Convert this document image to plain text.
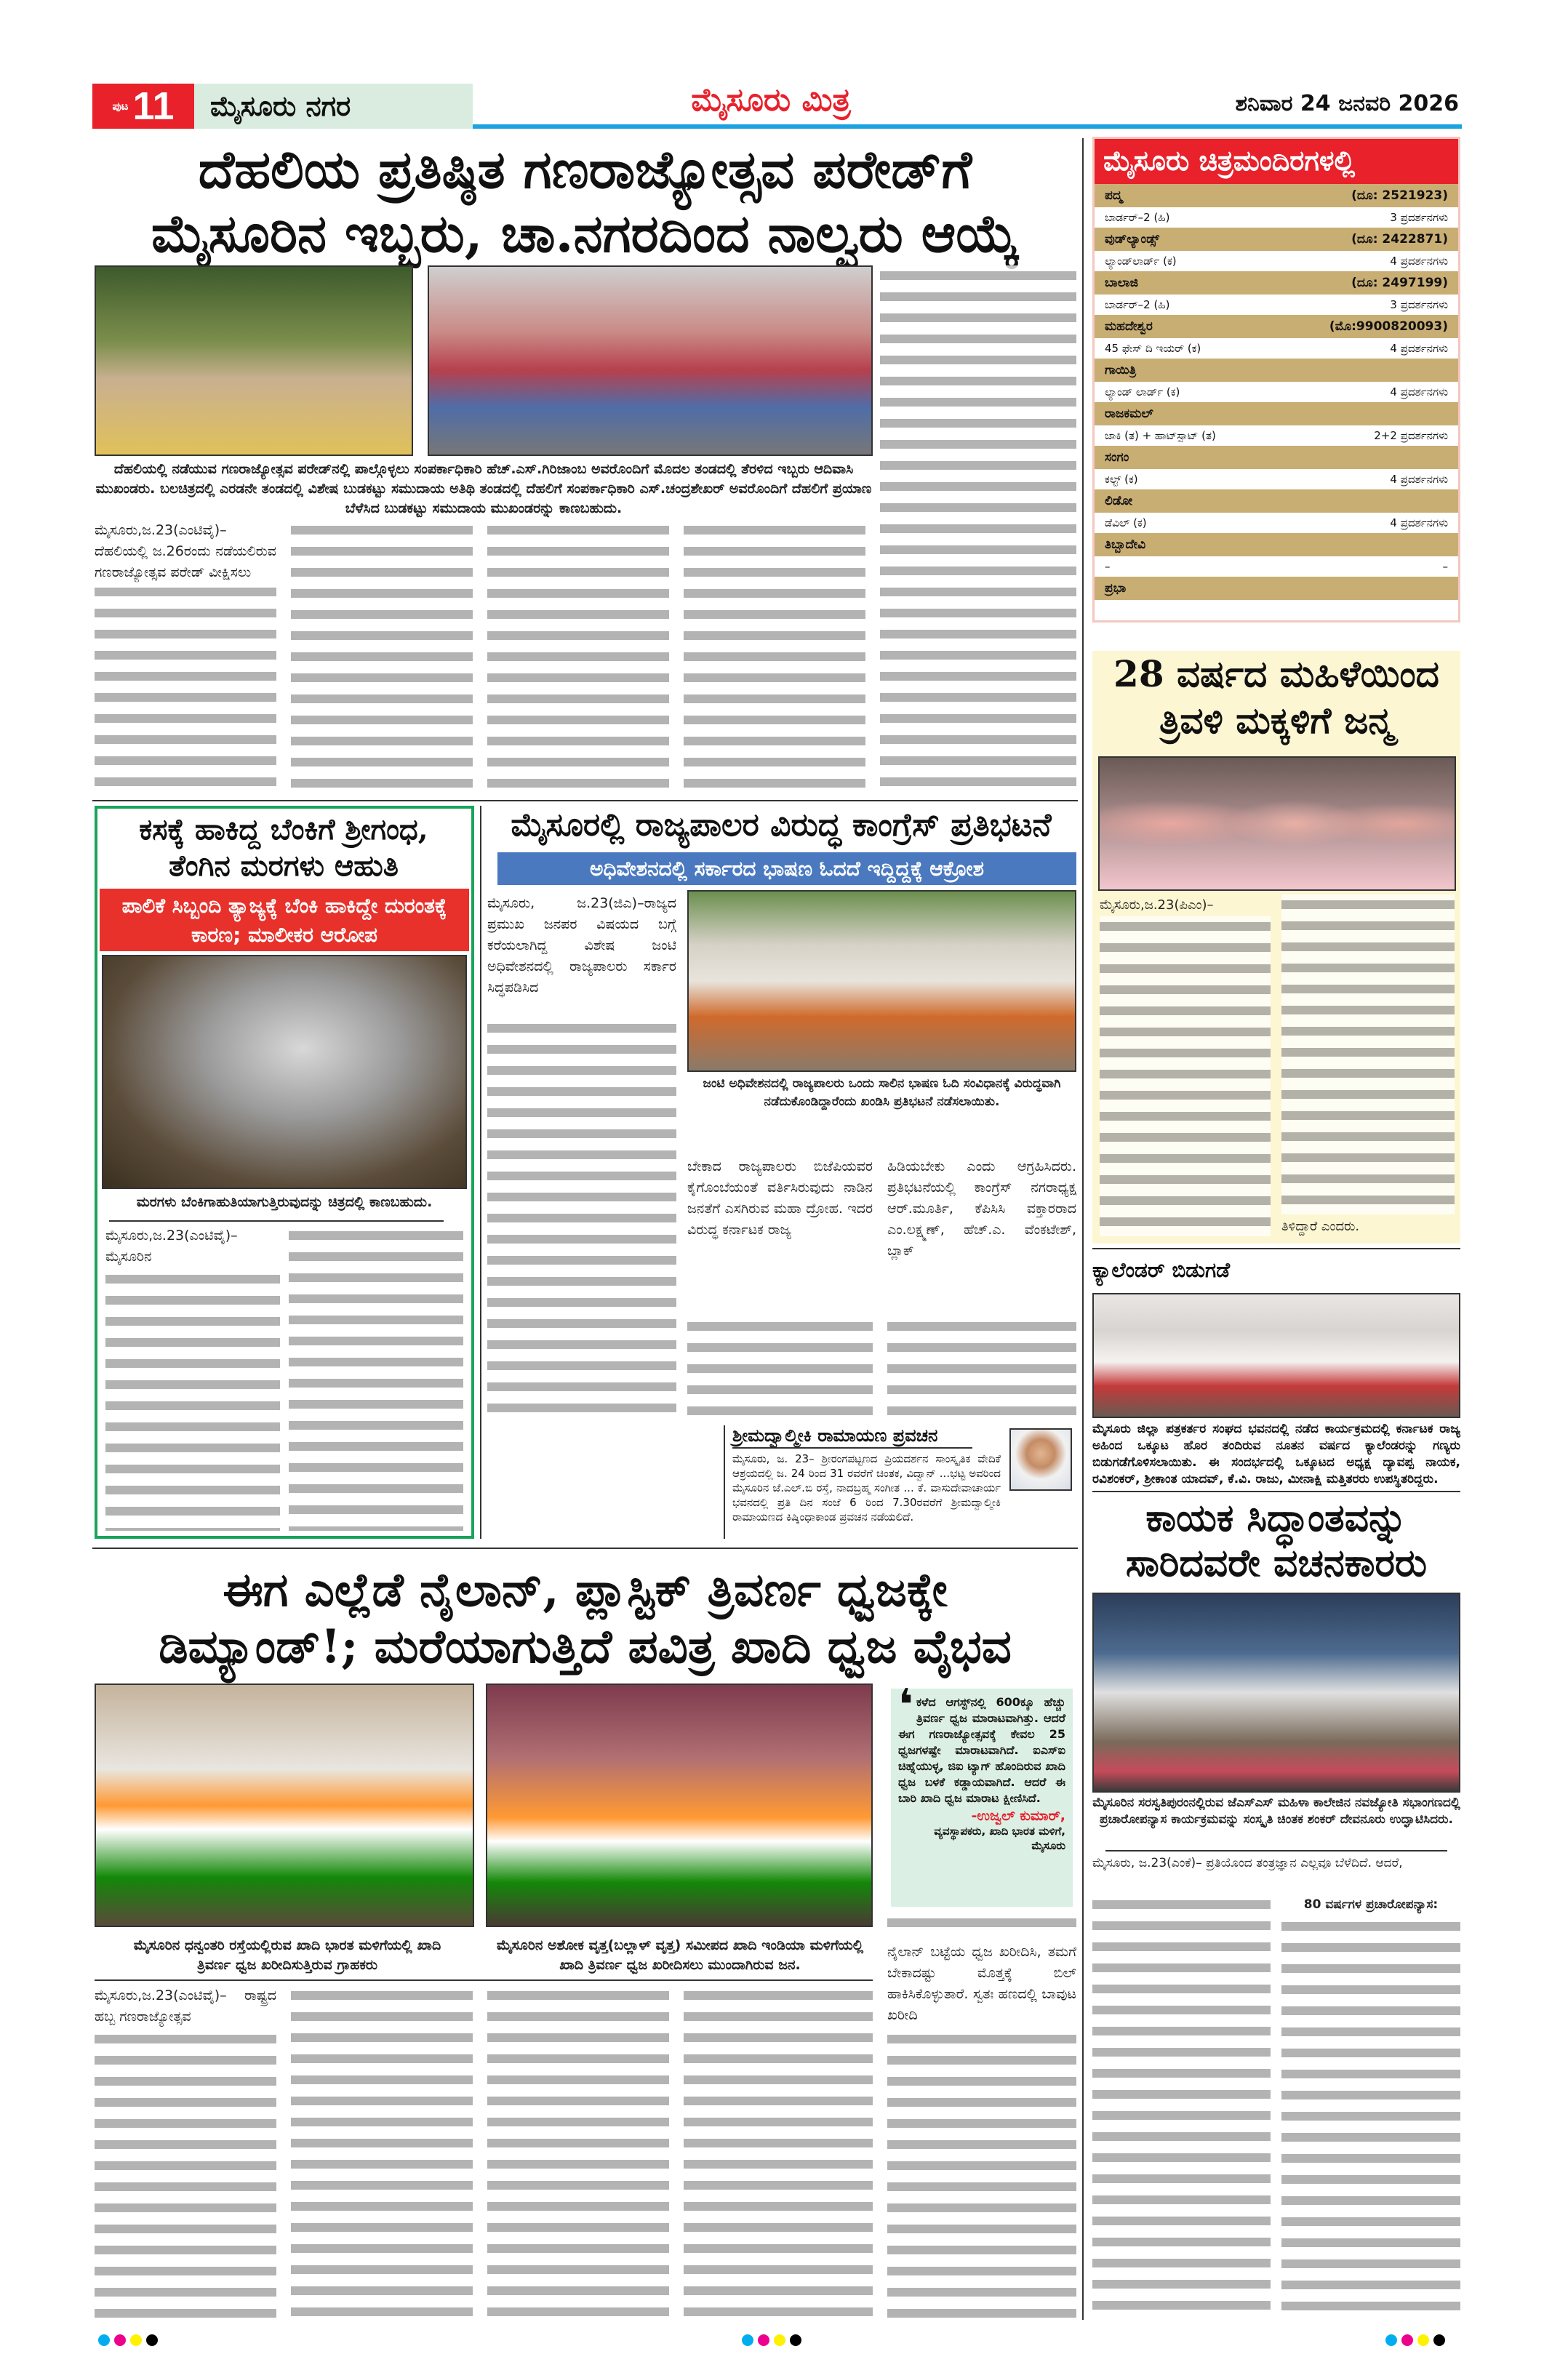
ಪುಟ 11 ಮೈಸೂರು ನಗರ	ಮೈಸೂರು ಮಿತ್ರ	ಶನಿವಾರ 24 ಜನವರಿ 2026
ದೆಹಲಿಯ ಪ್ರತಿಷ್ಠಿತ ಗಣರಾಜ್ಯೋತ್ಸವ ಪರೇಡ್‌ಗೆ
ಮೈಸೂರಿನ ಇಬ್ಬರು, ಚಾ.ನಗರದಿಂದ ನಾಲ್ವರು ಆಯ್ಕೆ
ದೆಹಲಿಯಲ್ಲಿ ನಡೆಯುವ ಗಣರಾಜ್ಯೋತ್ಸವ ಪರೇಡ್‌ನಲ್ಲಿ ಪಾಲ್ಗೊಳ್ಳಲು ಸಂಪರ್ಕಾಧಿಕಾರಿ ಹೆಚ್.ಎಸ್.ಗಿರಿಜಾಂಬ ಅವರೊಂದಿಗೆ ಮೊದಲ ತಂಡದಲ್ಲಿ ತೆರಳಿದ ಇಬ್ಬರು ಆದಿವಾಸಿ ಮುಖಂಡರು. ಬಲಚಿತ್ರದಲ್ಲಿ ಎರಡನೇ ತಂಡದಲ್ಲಿ ವಿಶೇಷ ಬುಡಕಟ್ಟು ಸಮುದಾಯ ಅತಿಥಿ ತಂಡದಲ್ಲಿ ದೆಹಲಿಗೆ ಸಂಪರ್ಕಾಧಿಕಾರಿ ಎಸ್.ಚಂದ್ರಶೇಖರ್ ಅವರೊಂದಿಗೆ ದೆಹಲಿಗೆ ಪ್ರಯಾಣ ಬೆಳೆಸಿದ ಬುಡಕಟ್ಟು ಸಮುದಾಯ ಮುಖಂಡರನ್ನು ಕಾಣಬಹುದು.
ಮೈಸೂರು,ಜ.23(ಎಂಟಿವೈ)– ದೆಹಲಿಯಲ್ಲಿ ಜ.26ರಂದು ನಡೆಯಲಿರುವ ಗಣರಾಜ್ಯೋತ್ಸವ ಪರೇಡ್ ವೀಕ್ಷಿಸಲು
ಕಸಕ್ಕೆ ಹಾಕಿದ್ದ ಬೆಂಕಿಗೆ ಶ್ರೀಗಂಧ,
ತೆಂಗಿನ ಮರಗಳು ಆಹುತಿ
ಪಾಲಿಕೆ ಸಿಬ್ಬಂದಿ ತ್ಯಾಜ್ಯಕ್ಕೆ ಬೆಂಕಿ ಹಾಕಿದ್ದೇ ದುರಂತಕ್ಕೆ ಕಾರಣ; ಮಾಲೀಕರ ಆರೋಪ
ಮರಗಳು ಬೆಂಕಿಗಾಹುತಿಯಾಗುತ್ತಿರುವುದನ್ನು ಚಿತ್ರದಲ್ಲಿ ಕಾಣಬಹುದು.
ಮೈಸೂರು,ಜ.23(ಎಂಟಿವೈ)– ಮೈಸೂರಿನ
ಮೈಸೂರಲ್ಲಿ ರಾಜ್ಯಪಾಲರ ವಿರುದ್ಧ ಕಾಂಗ್ರೆಸ್ ಪ್ರತಿಭಟನೆ
ಅಧಿವೇಶನದಲ್ಲಿ ಸರ್ಕಾರದ ಭಾಷಣ ಓದದೆ ಇದ್ದಿದ್ದಕ್ಕೆ ಆಕ್ರೋಶ
ಮೈಸೂರು, ಜ.23(ಜಿಎ)–ರಾಜ್ಯದ ಪ್ರಮುಖ ಜನಪರ ವಿಷಯದ ಬಗ್ಗೆ ಕರೆಯಲಾಗಿದ್ದ ವಿಶೇಷ ಜಂಟಿ ಅಧಿವೇಶನದಲ್ಲಿ ರಾಜ್ಯಪಾಲರು ಸರ್ಕಾರ ಸಿದ್ಧಪಡಿಸಿದ
ಜಂಟಿ ಅಧಿವೇಶನದಲ್ಲಿ ರಾಜ್ಯಪಾಲರು ಒಂದು ಸಾಲಿನ ಭಾಷಣ ಓದಿ ಸಂವಿಧಾನಕ್ಕೆ ವಿರುದ್ಧವಾಗಿ ನಡೆದುಕೊಂಡಿದ್ದಾರೆಂದು ಖಂಡಿಸಿ ಪ್ರತಿಭಟನೆ ನಡೆಸಲಾಯಿತು.
ಬೇಕಾದ ರಾಜ್ಯಪಾಲರು ಬಿಜೆಪಿಯವರ ಕೈಗೊಂಬೆಯಂತೆ ವರ್ತಿಸಿರುವುದು ನಾಡಿನ ಜನತೆಗೆ ಎಸಗಿರುವ ಮಹಾ ದ್ರೋಹ. ಇದರ ವಿರುದ್ಧ ಕರ್ನಾಟಕ ರಾಜ್ಯ
ಹಿಡಿಯಬೇಕು ಎಂದು ಆಗ್ರಹಿಸಿದರು. ಪ್ರತಿಭಟನೆಯಲ್ಲಿ ಕಾಂಗ್ರೆಸ್ ನಗರಾಧ್ಯಕ್ಷ ಆರ್.ಮೂರ್ತಿ, ಕೆಪಿಸಿಸಿ ವಕ್ತಾರರಾದ ಎಂ.ಲಕ್ಷ್ಮಣ್, ಹೆಚ್.ಎ. ವೆಂಕಟೇಶ್, ಬ್ಲಾಕ್
ಶ್ರೀಮದ್ವಾಲ್ಮೀಕಿ ರಾಮಾಯಣ ಪ್ರವಚನ
ಮೈಸೂರು, ಜ. 23– ಶ್ರೀರಂಗಪಟ್ಟಣದ ಪ್ರಿಯದರ್ಶನ ಸಾಂಸ್ಕೃತಿಕ ವೇದಿಕೆ ಆಶ್ರಯದಲ್ಲಿ ಜ. 24 ರಿಂದ 31 ರವರೆಗೆ ಚಿಂತಕ, ವಿದ್ವಾನ್ ...ಭಟ್ಟ ಅವರಿಂದ ಮೈಸೂರಿನ ಜೆ.ಎಲ್.ಬಿ ರಸ್ತೆ, ನಾದಬ್ರಹ್ಮ ಸಂಗೀತ ... ಕೆ. ವಾಸುದೇವಾಚಾರ್ಯ ಭವನದಲ್ಲಿ ಪ್ರತಿ ದಿನ ಸಂಜೆ 6 ರಿಂದ 7.30ರವರೆಗೆ ಶ್ರೀಮದ್ವಾಲ್ಮೀಕಿ ರಾಮಾಯಣದ ಕಿಷ್ಕಿಂಧಾಕಾಂಡ ಪ್ರವಚನ ನಡೆಯಲಿದೆ.
ಈಗ ಎಲ್ಲೆಡೆ ನೈಲಾನ್, ಪ್ಲಾಸ್ಟಿಕ್ ತ್ರಿವರ್ಣ ಧ್ವಜಕ್ಕೇ
ಡಿಮ್ಯಾಂಡ್!; ಮರೆಯಾಗುತ್ತಿದೆ ಪವಿತ್ರ ಖಾದಿ ಧ್ವಜ ವೈಭವ
ಮೈಸೂರಿನ ಧನ್ವಂತರಿ ರಸ್ತೆಯಲ್ಲಿರುವ ಖಾದಿ ಭಾರತ ಮಳಿಗೆಯಲ್ಲಿ ಖಾದಿ ತ್ರಿವರ್ಣ ಧ್ವಜ ಖರೀದಿಸುತ್ತಿರುವ ಗ್ರಾಹಕರು
ಮೈಸೂರಿನ ಅಶೋಕ ವೃತ್ತ(ಬಲ್ಲಾಳ್ ವೃತ್ತ) ಸಮೀಪದ ಖಾದಿ ಇಂಡಿಯಾ ಮಳಿಗೆಯಲ್ಲಿ ಖಾದಿ ತ್ರಿವರ್ಣ ಧ್ವಜ ಖರೀದಿಸಲು ಮುಂದಾಗಿರುವ ಜನ.
❛ ಕಳೆದ ಆಗಸ್ಟ್‌ನಲ್ಲಿ 600ಕ್ಕೂ ಹೆಚ್ಚು ತ್ರಿವರ್ಣ ಧ್ವಜ ಮಾರಾಟವಾಗಿತ್ತು. ಆದರೆ ಈಗ ಗಣರಾಜ್ಯೋತ್ಸವಕ್ಕೆ ಕೇವಲ 25 ಧ್ವಜಗಳಷ್ಟೇ ಮಾರಾಟವಾಗಿದೆ. ಐಎಸ್ಐ ಚಿಹ್ನೆಯುಳ್ಳ, ಜಿಐ ಟ್ಯಾಗ್ ಹೊಂದಿರುವ ಖಾದಿ ಧ್ವಜ ಬಳಕೆ ಕಡ್ಡಾಯವಾಗಿದೆ. ಆದರೆ ಈ ಬಾರಿ ಖಾದಿ ಧ್ವಜ ಮಾರಾಟ ಕ್ಷೀಣಿಸಿದೆ.
-ಉಜ್ವಲ್ ಕುಮಾರ್,
ವ್ಯವಸ್ಥಾಪಕರು, ಖಾದಿ ಭಾರತ ಮಳಿಗೆ, ಮೈಸೂರು
ಮೈಸೂರು,ಜ.23(ಎಂಟಿವೈ)– ರಾಷ್ಟ್ರದ ಹಬ್ಬ ಗಣರಾಜ್ಯೋತ್ಸವ
ನೈಲಾನ್ ಬಟ್ಟೆಯ ಧ್ವಜ ಖರೀದಿಸಿ, ತಮಗೆ ಬೇಕಾದಷ್ಟು ಮೊತ್ತಕ್ಕೆ ಬಿಲ್ ಹಾಕಿಸಿಕೊಳ್ಳುತಾರೆ. ಸ್ವತಃ ಹಣದಲ್ಲಿ ಬಾವುಟ ಖರೀದಿ
ಮೈಸೂರು ಚಿತ್ರಮಂದಿರಗಳಲ್ಲಿ
ಪದ್ಮ	(ದೂ: 2521923)
ಬಾರ್ಡರ್–2 (ಹಿ)	3 ಪ್ರದರ್ಶನಗಳು
ವುಡ್‌ಲ್ಯಾಂಡ್ಸ್	(ದೂ: 2422871)
ಲ್ಯಾಂಡ್‌ಲಾರ್ಡ್ (ಕ)	4 ಪ್ರದರ್ಶನಗಳು
ಬಾಲಾಜಿ	(ದೂ: 2497199)
ಬಾರ್ಡರ್–2 (ಹಿ)	3 ಪ್ರದರ್ಶನಗಳು
ಮಹದೇಶ್ವರ	(ಮೊ:9900820093)
45 ಫೇಸ್ ದಿ ಇಯರ್ (ಕ)	4 ಪ್ರದರ್ಶನಗಳು
ಗಾಯಿತ್ರಿ
ಲ್ಯಾಂಡ್ ಲಾರ್ಡ್ (ಕ)	4 ಪ್ರದರ್ಶನಗಳು
ರಾಜಕಮಲ್
ಜಾಕಿ (ತ) + ಹಾಟ್‌ಸ್ಪಾಟ್ (ತ)	2+2 ಪ್ರದರ್ಶನಗಳು
ಸಂಗಂ
ಕಲ್ಟ್ (ಕ)	4 ಪ್ರದರ್ಶನಗಳು
ಲಿಡೋ
ಡೆವಿಲ್ (ಕ)	4 ಪ್ರದರ್ಶನಗಳು
ತಿಬ್ಬಾದೇವಿ
–	–
ಪ್ರಭಾ
28 ವರ್ಷದ ಮಹಿಳೆಯಿಂದ
ತ್ರಿವಳಿ ಮಕ್ಕಳಿಗೆ ಜನ್ಮ
ಮೈಸೂರು,ಜ.23(ಪಿಎಂ)–
ತಿಳಿದ್ದಾರೆ ಎಂದರು.
ಕ್ಯಾಲೆಂಡರ್ ಬಿಡುಗಡೆ
ಮೈಸೂರು ಜಿಲ್ಲಾ ಪತ್ರಕರ್ತರ ಸಂಘದ ಭವನದಲ್ಲಿ ನಡೆದ ಕಾರ್ಯಕ್ರಮದಲ್ಲಿ ಕರ್ನಾಟಕ ರಾಜ್ಯ ಅಹಿಂದ ಒಕ್ಕೂಟ ಹೊರ ತಂದಿರುವ ನೂತನ ವರ್ಷದ ಕ್ಯಾಲೆಂಡರನ್ನು ಗಣ್ಯರು ಬಿಡುಗಡೆಗೊಳಿಸಲಾಯಿತು. ಈ ಸಂದರ್ಭದಲ್ಲಿ ಒಕ್ಕೂಟದ ಅಧ್ಯಕ್ಷ ದ್ಯಾವಪ್ಪ ನಾಯಕ, ರವಿಶಂಕರ್, ಶ್ರೀಕಾಂತ ಯಾದವ್, ಕೆ.ವಿ. ರಾಜು, ಮೀನಾಕ್ಷಿ ಮತ್ತಿತರರು ಉಪಸ್ಥಿತರಿದ್ದರು.
ಕಾಯಕ ಸಿದ್ಧಾಂತವನ್ನು
ಸಾರಿದವರೇ ವಚನಕಾರರು
ಮೈಸೂರಿನ ಸರಸ್ವತಿಪುರಂನಲ್ಲಿರುವ ಜೆಎಸ್‌ಎಸ್ ಮಹಿಳಾ ಕಾಲೇಜಿನ ನವಜ್ಯೋತಿ ಸಭಾಂಗಣದಲ್ಲಿ ಪ್ರಚಾರೋಪನ್ಯಾಸ ಕಾರ್ಯಕ್ರಮವನ್ನು ಸಂಸ್ಕೃತಿ ಚಿಂತಕ ಶಂಕರ್ ದೇವನೂರು ಉದ್ಘಾಟಿಸಿದರು.
ಮೈಸೂರು, ಜ.23(ಎಂಕೆ)– ಪ್ರತಿಯೊಂದ ತಂತ್ರಜ್ಞಾನ ಎಲ್ಲವೂ ಬೆಳೆದಿದೆ. ಆದರೆ,
80 ವರ್ಷಗಳ ಪ್ರಚಾರೋಪನ್ಯಾಸ:
